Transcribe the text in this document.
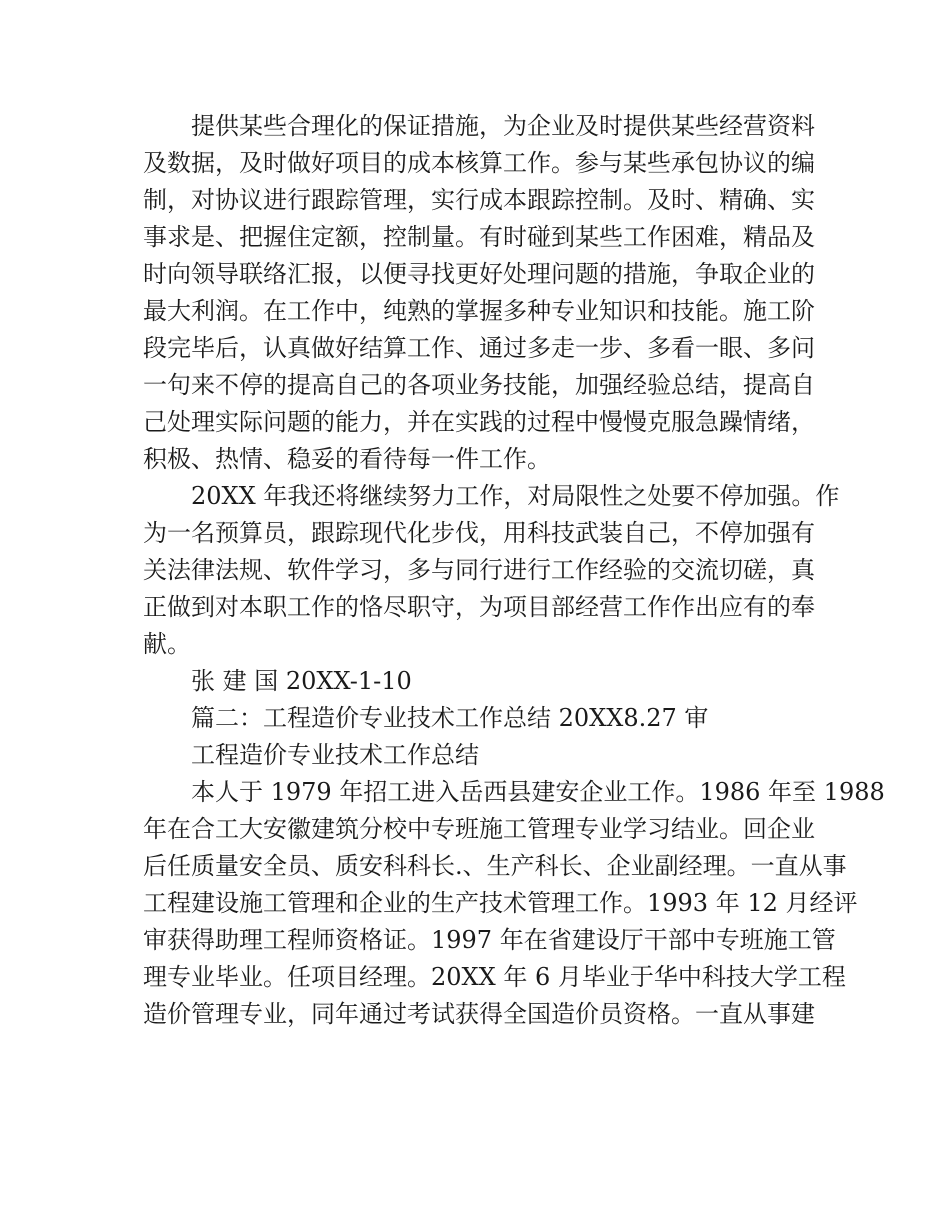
提供某些合理化的保证措施，为企业及时提供某些经营资料
及数据，及时做好项目的成本核算工作。参与某些承包协议的编
制，对协议进行跟踪管理，实行成本跟踪控制。及时、精确、实
事求是、把握住定额，控制量。有时碰到某些工作困难，精品及
时向领导联络汇报，以便寻找更好处理问题的措施，争取企业的
最大利润。在工作中，纯熟的掌握多种专业知识和技能。施工阶
段完毕后，认真做好结算工作、通过多走一步、多看一眼、多问
一句来不停的提高自己的各项业务技能，加强经验总结，提高自
己处理实际问题的能力，并在实践的过程中慢慢克服急躁情绪，
积极、热情、稳妥的看待每一件工作。
20XX 年我还将继续努力工作，对局限性之处要不停加强。作
为一名预算员，跟踪现代化步伐，用科技武装自己，不停加强有
关法律法规、软件学习，多与同行进行工作经验的交流切磋，真
正做到对本职工作的恪尽职守，为项目部经营工作作出应有的奉
献。
张 建 国 20XX-1-10
篇二：工程造价专业技术工作总结 20XX8.27 审
工程造价专业技术工作总结
本人于 1979 年招工进入岳西县建安企业工作。1986 年至 1988
年在合工大安徽建筑分校中专班施工管理专业学习结业。回企业
后任质量安全员、质安科科长.、生产科长、企业副经理。一直从事
工程建设施工管理和企业的生产技术管理工作。1993 年 12 月经评
审获得助理工程师资格证。1997 年在省建设厅干部中专班施工管
理专业毕业。任项目经理。20XX 年 6 月毕业于华中科技大学工程
造价管理专业，同年通过考试获得全国造价员资格。一直从事建
